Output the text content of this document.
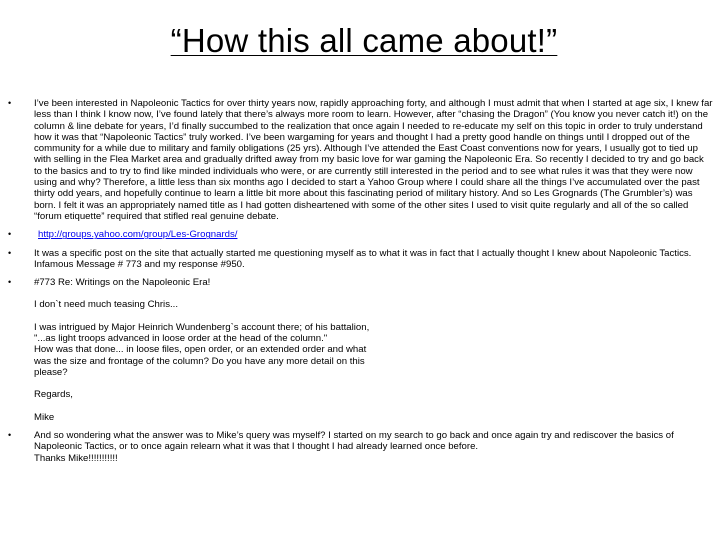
“How this all came about!”
• I’ve been interested in Napoleonic Tactics for over thirty years now, rapidly approaching forty, and although I must admit that when I started at age six, I knew far less than I think I know now, I’ve found lately that there’s always more room to learn. However, after “chasing the Dragon” (You know you never catch it!) on the column & line debate for years, I’d finally succumbed to the realization that once again I needed to re-educate my self on this topic in order to truly understand how it was that “Napoleonic Tactics” truly worked. I’ve been wargaming for years and thought I had a pretty good handle on things until I dropped out of the community for a while due to military and family obligations (25 yrs). Although I’ve attended the East Coast conventions now for years, I usually got to tied up with selling in the Flea Market area and gradually drifted away from my basic love for war gaming the Napoleonic Era. So recently I decided to try and go back to the basics and to try to find like minded individuals who were, or are currently still interested in the period and to see what rules it was that they were now using and why? Therefore, a little less than six months ago I decided to start a Yahoo Group where I could share all the things I’ve accumulated over the past thirty odd years, and hopefully continue to learn a little bit more about this fascinating period of military history. And so Les Grognards (The Grumbler’s) was born. I felt it was an appropriately named title as I had gotten disheartened with some of the other sites I used to visit quite regularly and all of the so called “forum etiquette” required that stifled real genuine debate.

•	http://groups.yahoo.com/group/Les-Grognards/
• It was a specific post on the site that actually started me questioning myself as to what it was in fact that I actually thought I knew about Napoleonic Tactics. Infamous Message # 773 and my response #950.

• #773 Re: Writings on the Napoleonic Era!

I don`t need much teasing Chris...

I was intrigued by Major Heinrich Wundenberg`s account there; of his battalion,
"...as light troops advanced in loose order at the head of the column."
How was that done... in loose files, open order, or an extended order and what
was the size and frontage of the column? Do you have any more detail on this
please?

Regards,

Mike

• And so wondering what the answer was to Mike’s query was myself? I started on my search to go back and once again try and rediscover the basics of Napoleonic Tactics, or to once again relearn what it was that I thought I had already learned once before.

Thanks Mike!!!!!!!!!!!
